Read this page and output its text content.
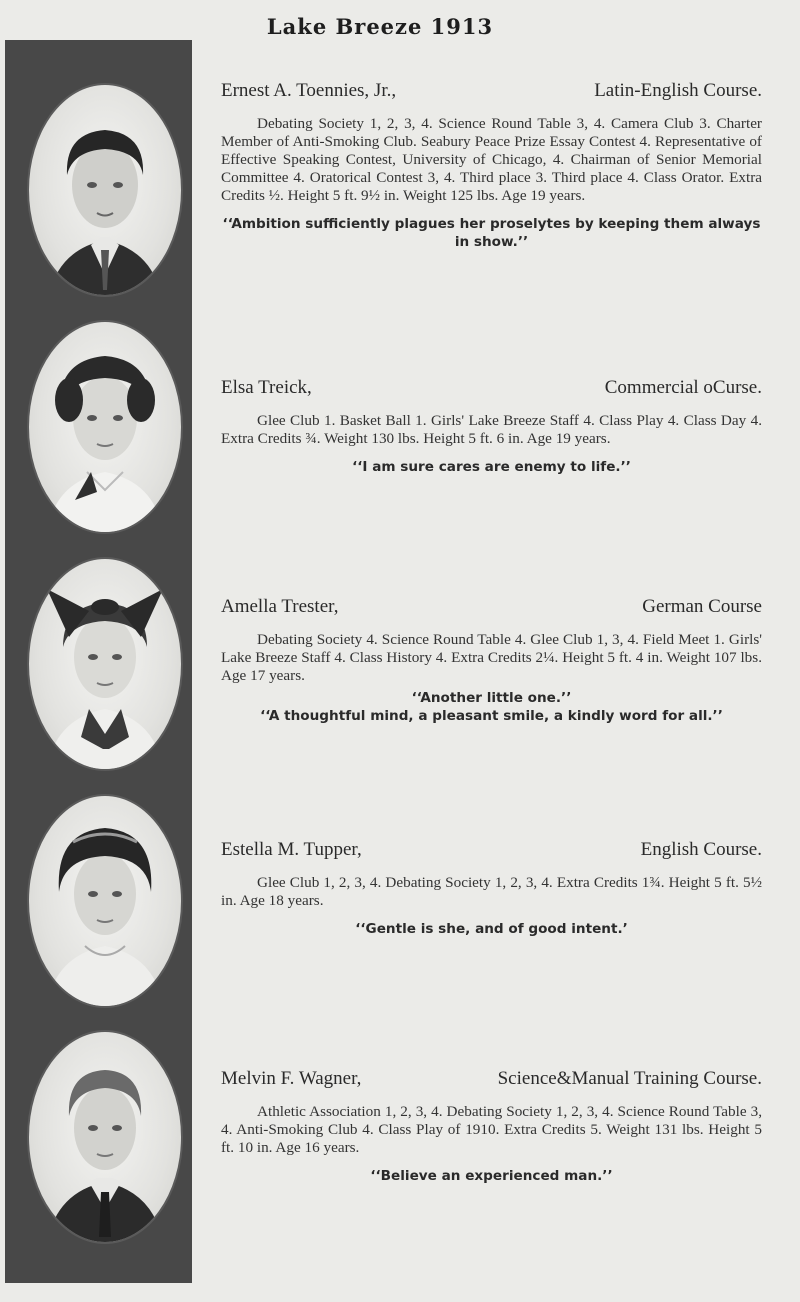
Lake Breeze 1913
Ernest A. Toennies, Jr.,	Latin-English Course.
Debating Society 1, 2, 3, 4. Science Round Table 3, 4. Camera Club 3. Charter Member of Anti-Smoking Club. Seabury Peace Prize Essay Contest 4. Representative of Effective Speaking Contest, University of Chicago, 4. Chairman of Senior Memorial Committee 4. Oratorical Contest 3, 4. Third place 3. Third place 4. Class Orator. Extra Credits ½. Height 5 ft. 9½ in. Weight 125 lbs. Age 19 years.
‘‘Ambition sufficiently plagues her proselytes by keeping them always in show.’’
Elsa Treick,	Commercial oCurse.
Glee Club 1. Basket Ball 1. Girls' Lake Breeze Staff 4. Class Play 4. Class Day 4. Extra Credits ¾. Weight 130 lbs. Height 5 ft. 6 in. Age 19 years.
‘‘I am sure cares are enemy to life.’’
Amella Trester,	German Course
Debating Society 4. Science Round Table 4. Glee Club 1, 3, 4. Field Meet 1. Girls' Lake Breeze Staff 4. Class History 4. Extra Credits 2¼. Height 5 ft. 4 in. Weight 107 lbs. Age 17 years.
‘‘Another little one.’’
‘‘A thoughtful mind, a pleasant smile, a kindly word for all.’’
Estella M. Tupper,	English Course.
Glee Club 1, 2, 3, 4. Debating Society 1, 2, 3, 4. Extra Credits 1¾. Height 5 ft. 5½ in. Age 18 years.
‘‘Gentle is she, and of good intent.’
Melvin F. Wagner,	Science&Manual Training Course.
Athletic Association 1, 2, 3, 4. Debating Society 1, 2, 3, 4. Science Round Table 3, 4. Anti-Smoking Club 4. Class Play of 1910. Extra Credits 5. Weight 131 lbs. Height 5 ft. 10 in. Age 16 years.
‘‘Believe an experienced man.’’
